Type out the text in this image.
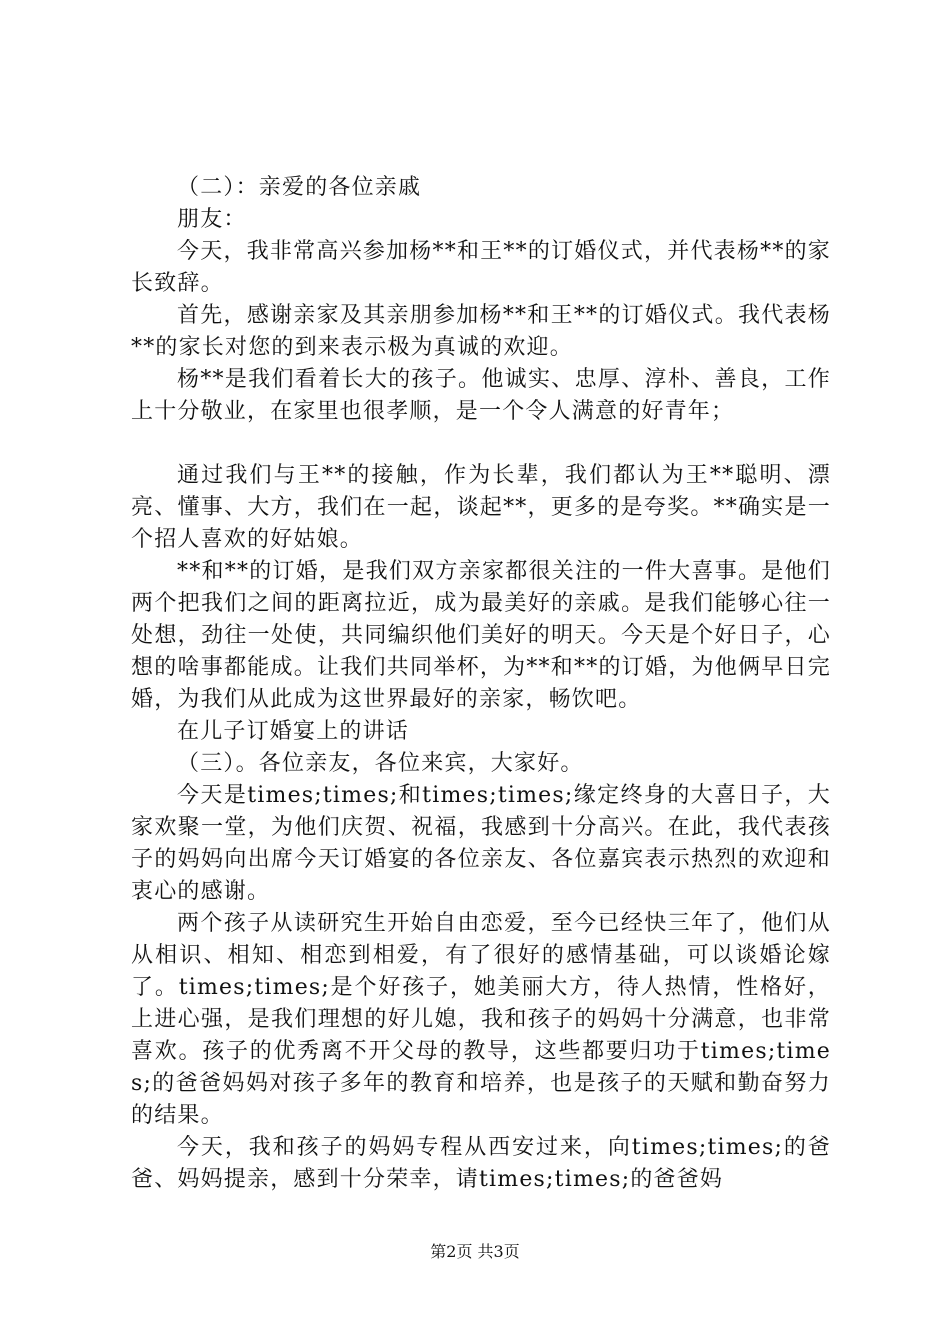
（二）：亲爱的各位亲戚

朋友：

今天，我非常高兴参加杨**和王**的订婚仪式，并代表杨**的家长致辞。

首先，感谢亲家及其亲朋参加杨**和王**的订婚仪式。我代表杨**的家长对您的到来表示极为真诚的欢迎。

杨**是我们看着长大的孩子。他诚实、忠厚、淳朴、善良，工作上十分敬业，在家里也很孝顺，是一个令人满意的好青年；

通过我们与王**的接触，作为长辈，我们都认为王**聪明、漂亮、懂事、大方，我们在一起，谈起**，更多的是夸奖。**确实是一个招人喜欢的好姑娘。

**和**的订婚，是我们双方亲家都很关注的一件大喜事。是他们两个把我们之间的距离拉近，成为最美好的亲戚。是我们能够心往一处想，劲往一处使，共同编织他们美好的明天。今天是个好日子，心想的啥事都能成。让我们共同举杯，为**和**的订婚，为他俩早日完婚，为我们从此成为这世界最好的亲家，畅饮吧。

在儿子订婚宴上的讲话

（三）。各位亲友，各位来宾，大家好。

今天是times;times;和times;times;缘定终身的大喜日子，大家欢聚一堂，为他们庆贺、祝福，我感到十分高兴。在此，我代表孩子的妈妈向出席今天订婚宴的各位亲友、各位嘉宾表示热烈的欢迎和衷心的感谢。

两个孩子从读研究生开始自由恋爱，至今已经快三年了，他们从从相识、相知、相恋到相爱，有了很好的感情基础，可以谈婚论嫁了。times;times;是个好孩子，她美丽大方，待人热情，性格好，上进心强，是我们理想的好儿媳，我和孩子的妈妈十分满意，也非常喜欢。孩子的优秀离不开父母的教导，这些都要归功于times;times;的爸爸妈妈对孩子多年的教育和培养，也是孩子的天赋和勤奋努力的结果。

今天，我和孩子的妈妈专程从西安过来，向times;times;的爸爸、妈妈提亲，感到十分荣幸，请times;times;的爸爸妈

第2页 共3页
